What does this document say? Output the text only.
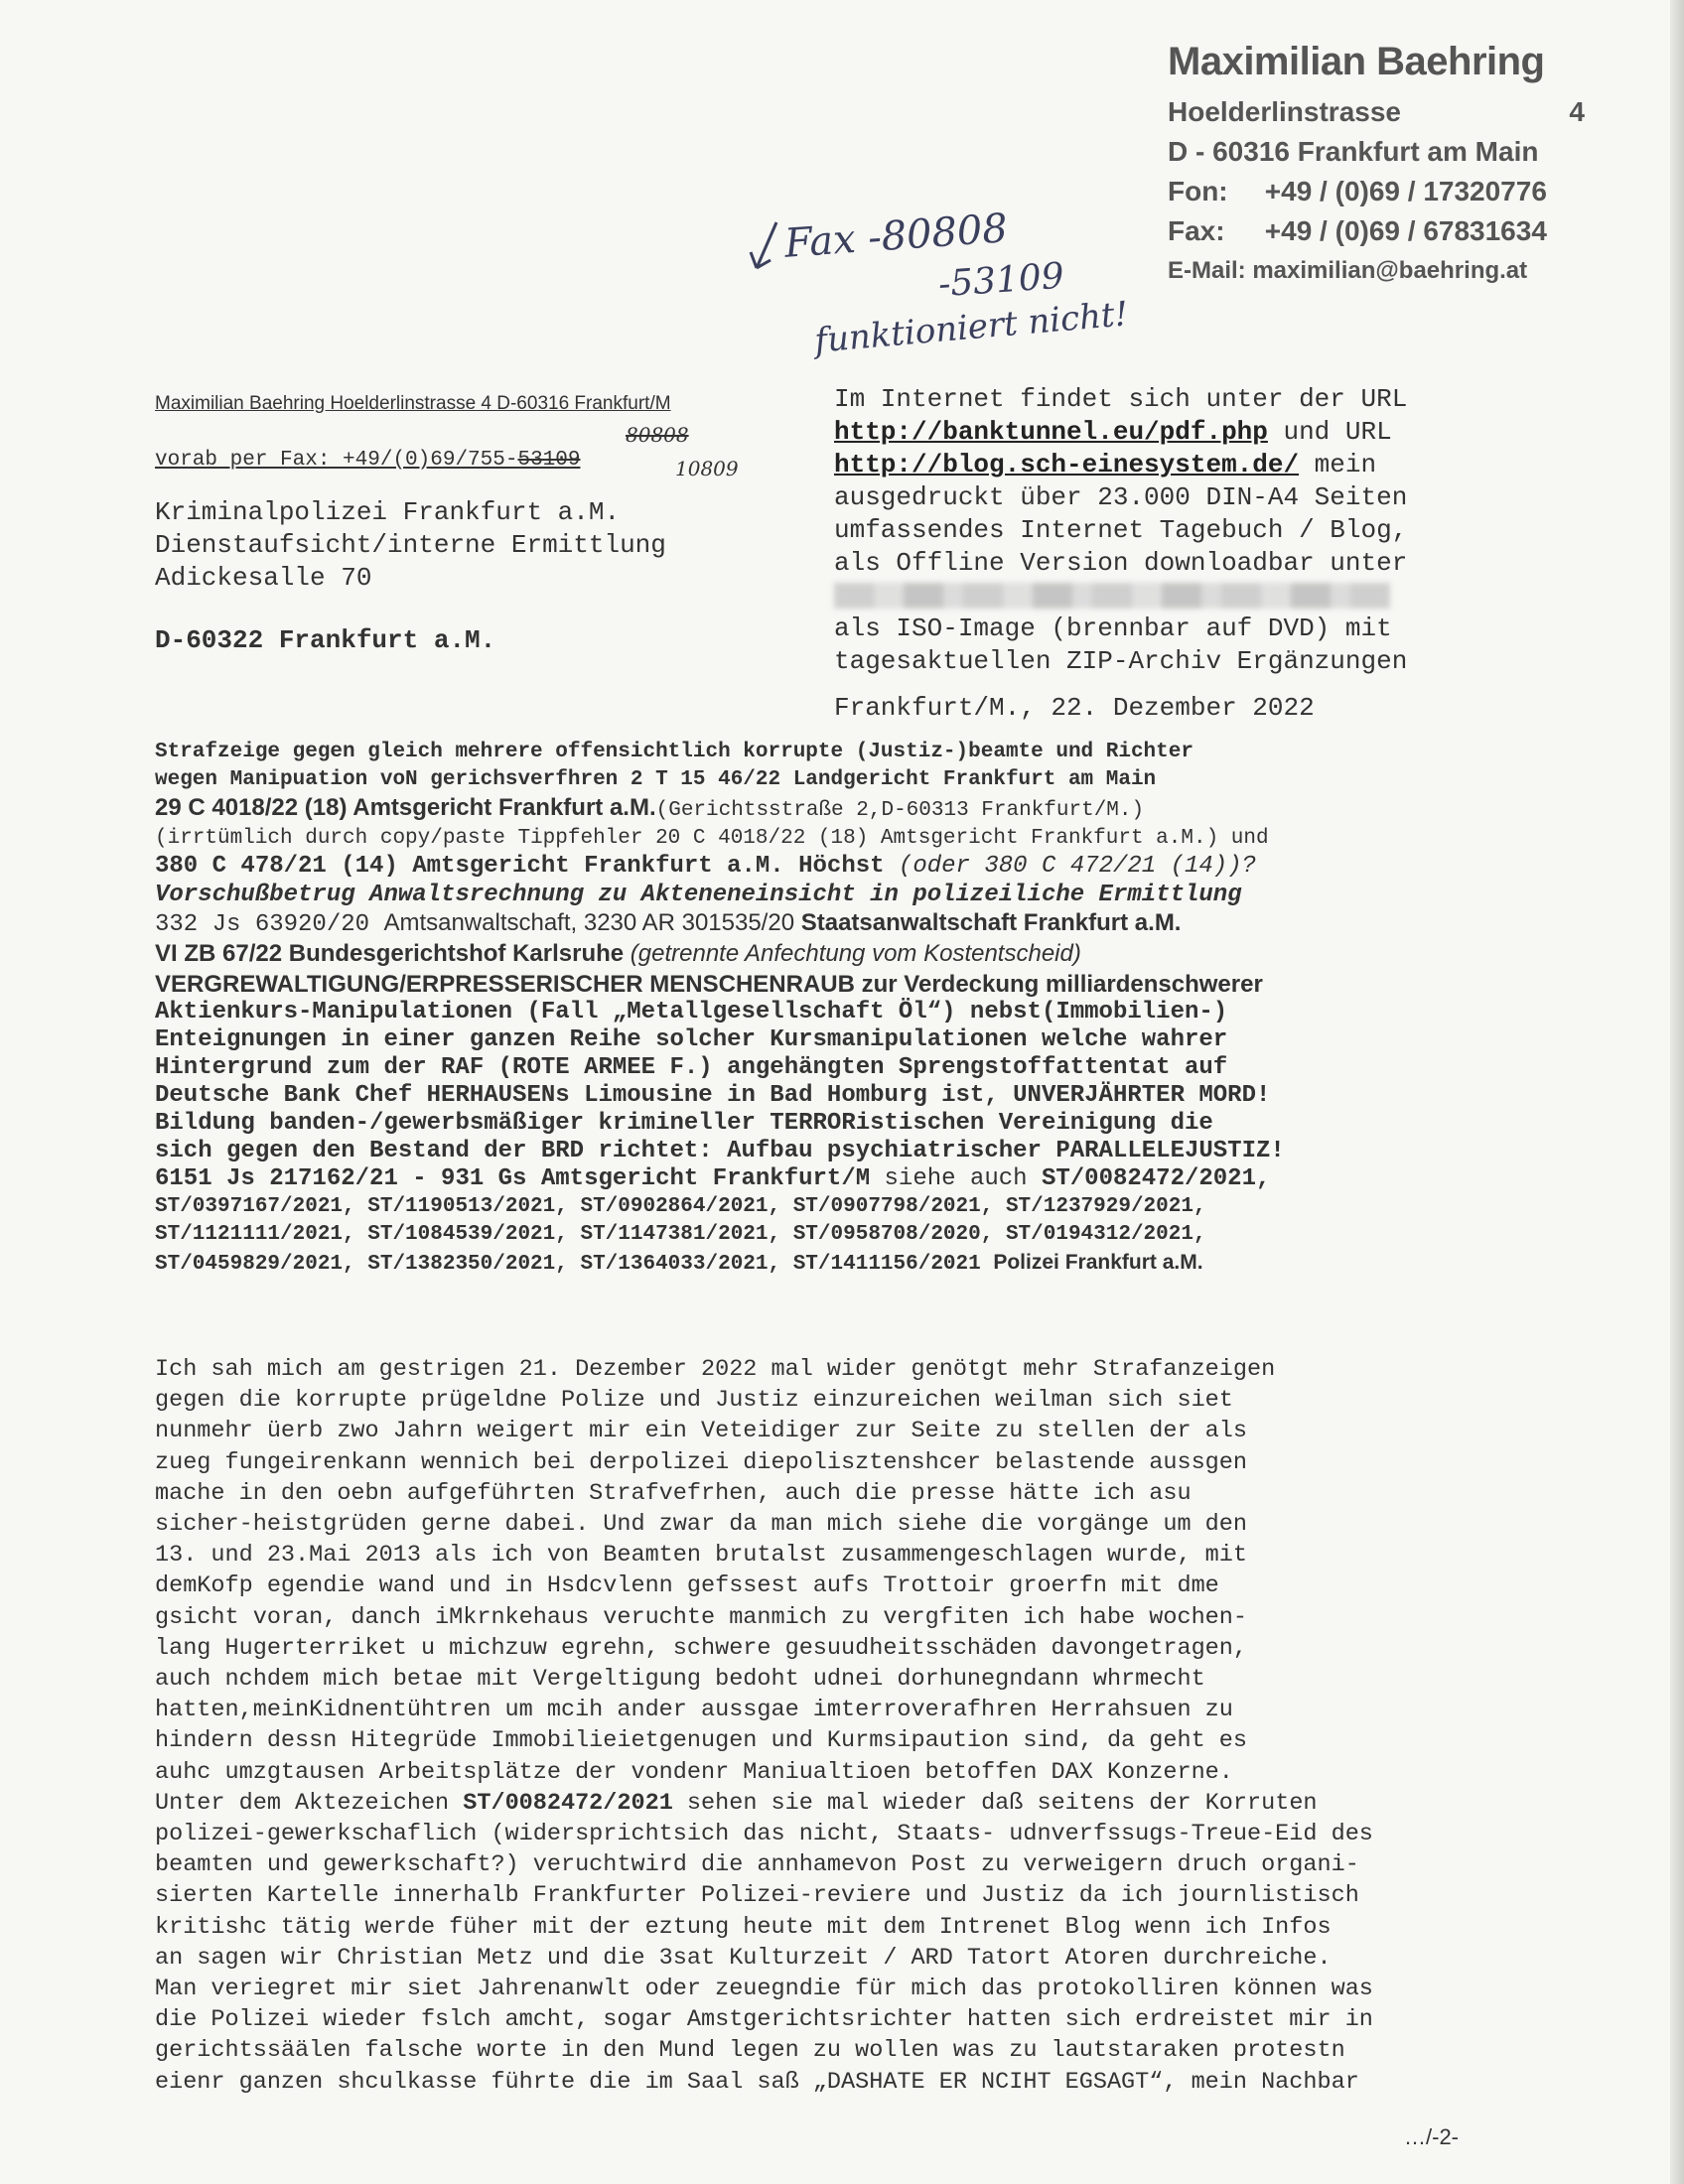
Maximilian Baehring
Hoelderlinstrasse	4
D - 60316 Frankfurt am Main
Fon: +49 / (0)69 / 17320776
Fax: +49 / (0)69 / 67831634
E-Mail: maximilian@baehring.at
Fax -80808
-53109
funktioniert nicht!
Maximilian Baehring Hoelderlinstrasse 4 D-60316 Frankfurt/M
80808
vorab per Fax: +49/(0)69/755-53109	10809
Kriminalpolizei Frankfurt a.M.
Dienstaufsicht/interne Ermittlung
Adickesalle 70
D-60322 Frankfurt a.M.
Im Internet findet sich unter der URL
http://banktunnel.eu/pdf.php und URL
http://blog.sch-einesystem.de/ mein
ausgedruckt über 23.000 DIN-A4 Seiten
umfassendes Internet Tagebuch / Blog,
als Offline Version downloadbar unter
als ISO-Image (brennbar auf DVD) mit
tagesaktuellen ZIP-Archiv Ergänzungen
Frankfurt/M., 22. Dezember 2022
Strafzeige gegen gleich mehrere offensichtlich korrupte (Justiz-)beamte und Richter
wegen Manipuation voN gerichsverfhren 2 T 15 46/22 Landgericht Frankfurt am Main
29 C 4018/22 (18) Amtsgericht Frankfurt a.M.(Gerichtsstraße 2,D-60313 Frankfurt/M.)
(irrtümlich durch copy/paste Tippfehler 20 C 4018/22 (18) Amtsgericht Frankfurt a.M.) und
380 C 478/21 (14) Amtsgericht Frankfurt a.M. Höchst (oder 380 C 472/21 (14))?
Vorschußbetrug Anwaltsrechnung zu Akteneneinsicht in polizeiliche Ermittlung
332 Js 63920/20 Amtsanwaltschaft, 3230 AR 301535/20 Staatsanwaltschaft Frankfurt a.M.
VI ZB 67/22 Bundesgerichtshof Karlsruhe (getrennte Anfechtung vom Kostentscheid)
VERGREWALTIGUNG/ERPRESSERISCHER MENSCHENRAUB zur Verdeckung milliardenschwerer
Aktienkurs-Manipulationen (Fall „Metallgesellschaft Öl“) nebst(Immobilien-)
Enteignungen in einer ganzen Reihe solcher Kursmanipulationen welche wahrer
Hintergrund zum der RAF (ROTE ARMEE F.) angehängten Sprengstoffattentat auf
Deutsche Bank Chef HERHAUSENs Limousine in Bad Homburg ist, UNVERJÄHRTER MORD!
Bildung banden-/gewerbsmäßiger krimineller TERRORistischen Vereinigung die
sich gegen den Bestand der BRD richtet: Aufbau psychiatrischer PARALLELEJUSTIZ!
6151 Js 217162/21 - 931 Gs Amtsgericht Frankfurt/M siehe auch ST/0082472/2021,
ST/0397167/2021, ST/1190513/2021, ST/0902864/2021, ST/0907798/2021, ST/1237929/2021,
ST/1121111/2021, ST/1084539/2021, ST/1147381/2021, ST/0958708/2020, ST/0194312/2021,
ST/0459829/2021, ST/1382350/2021, ST/1364033/2021, ST/1411156/2021 Polizei Frankfurt a.M.
Ich sah mich am gestrigen 21. Dezember 2022 mal wider genötgt mehr Strafanzeigen
gegen die korrupte prügeldne Polize und Justiz einzureichen weilman sich siet
nunmehr üerb zwo Jahrn weigert mir ein Veteidiger zur Seite zu stellen der als
zueg fungeirenkann wennich bei derpolizei diepolisztenshcer belastende aussgen
mache in den oebn aufgeführten Strafvefrhen, auch die presse hätte ich asu
sicher-heistgrüden gerne dabei. Und zwar da man mich siehe die vorgänge um den
13. und 23.Mai 2013 als ich von Beamten brutalst zusammengeschlagen wurde, mit
demKofp egendie wand und in Hsdcvlenn gefssest aufs Trottoir groerfn mit dme
gsicht voran, danch iMkrnkehaus veruchte manmich zu vergfiten ich habe wochen-
lang Hugerterriket u michzuw egrehn, schwere gesuudheitsschäden davongetragen,
auch nchdem mich betae mit Vergeltigung bedoht udnei dorhunegndann whrmecht
hatten,meinKidnentühtren um mcih ander aussgae imterroverafhren Herrahsuen zu
hindern dessn Hitegrüde Immobilieietgenugen und Kurmsipaution sind, da geht es
auhc umzgtausen Arbeitsplätze der vondenr Maniualtioen betoffen DAX Konzerne.
Unter dem Aktezeichen ST/0082472/2021 sehen sie mal wieder daß seitens der Korruten
polizei-gewerkschaflich (widersprichtsich das nicht, Staats- udnverfssugs-Treue-Eid des
beamten und gewerkschaft?) veruchtwird die annhamevon Post zu verweigern druch organi-
sierten Kartelle innerhalb Frankfurter Polizei-reviere und Justiz da ich journlistisch
kritishc tätig werde füher mit der eztung heute mit dem Intrenet Blog wenn ich Infos
an sagen wir Christian Metz und die 3sat Kulturzeit / ARD Tatort Atoren durchreiche.
Man veriegret mir siet Jahrenanwlt oder zeuegndie für mich das protokolliren können was
die Polizei wieder fslch amcht, sogar Amstgerichtsrichter hatten sich erdreistet mir in
gerichtssäälen falsche worte in den Mund legen zu wollen was zu lautstaraken protestn
eienr ganzen shculkasse führte die im Saal saß „DASHATE ER NCIHT EGSAGT“, mein Nachbar
…/-2-
